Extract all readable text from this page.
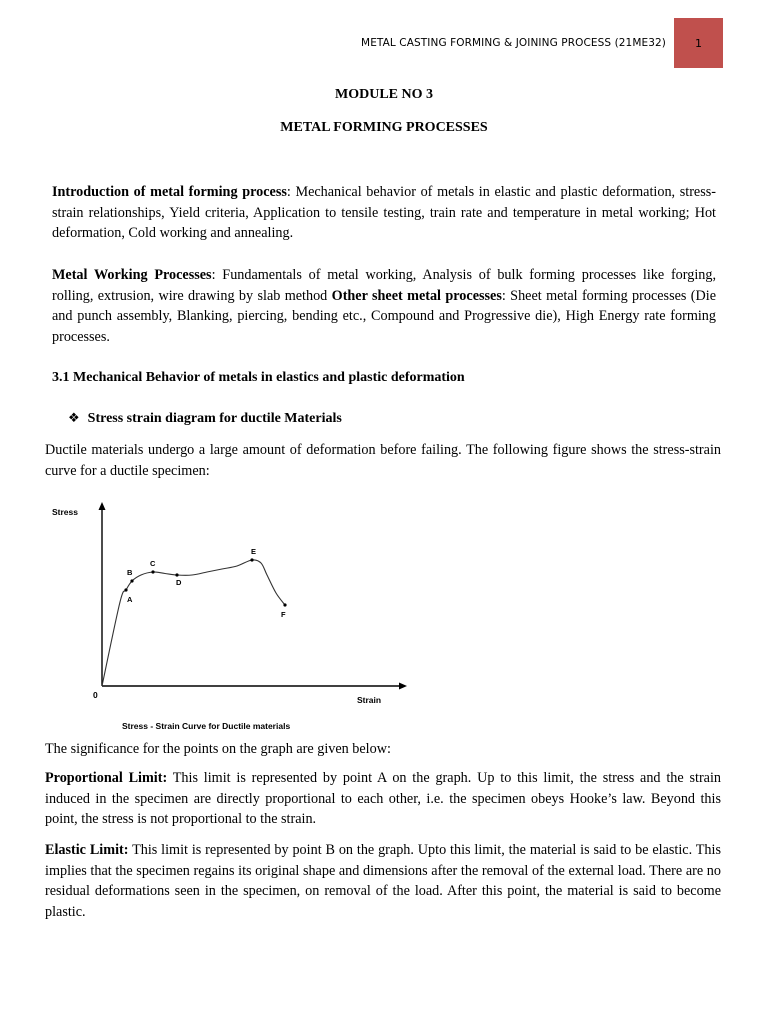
METAL CASTING FORMING & JOINING PROCESS (21ME32)	1
MODULE NO 3
METAL FORMING PROCESSES
Introduction of metal forming process: Mechanical behavior of metals in elastic and plastic deformation, stress-strain relationships, Yield criteria, Application to tensile testing, train rate and temperature in metal working; Hot deformation, Cold working and annealing.
Metal Working Processes: Fundamentals of metal working, Analysis of bulk forming processes like forging, rolling, extrusion, wire drawing by slab method Other sheet metal processes: Sheet metal forming processes (Die and punch assembly, Blanking, piercing, bending etc., Compound and Progressive die), High Energy rate forming processes.
3.1 Mechanical Behavior of metals in elastics and plastic deformation
❖ Stress strain diagram for ductile Materials
Ductile materials undergo a large amount of deformation before failing. The following figure shows the stress-strain curve for a ductile specimen:
Stress
0	Strain
A
B
C
D
E
F
Stress - Strain Curve for Ductile materials
The significance for the points on the graph are given below:
Proportional Limit: This limit is represented by point A on the graph. Up to this limit, the stress and the strain induced in the specimen are directly proportional to each other, i.e. the specimen obeys Hooke’s law. Beyond this point, the stress is not proportional to the strain.
Elastic Limit: This limit is represented by point B on the graph. Upto this limit, the material is said to be elastic. This implies that the specimen regains its original shape and dimensions after the removal of the external load. There are no residual deformations seen in the specimen, on removal of the load. After this point, the material is said to become plastic.
